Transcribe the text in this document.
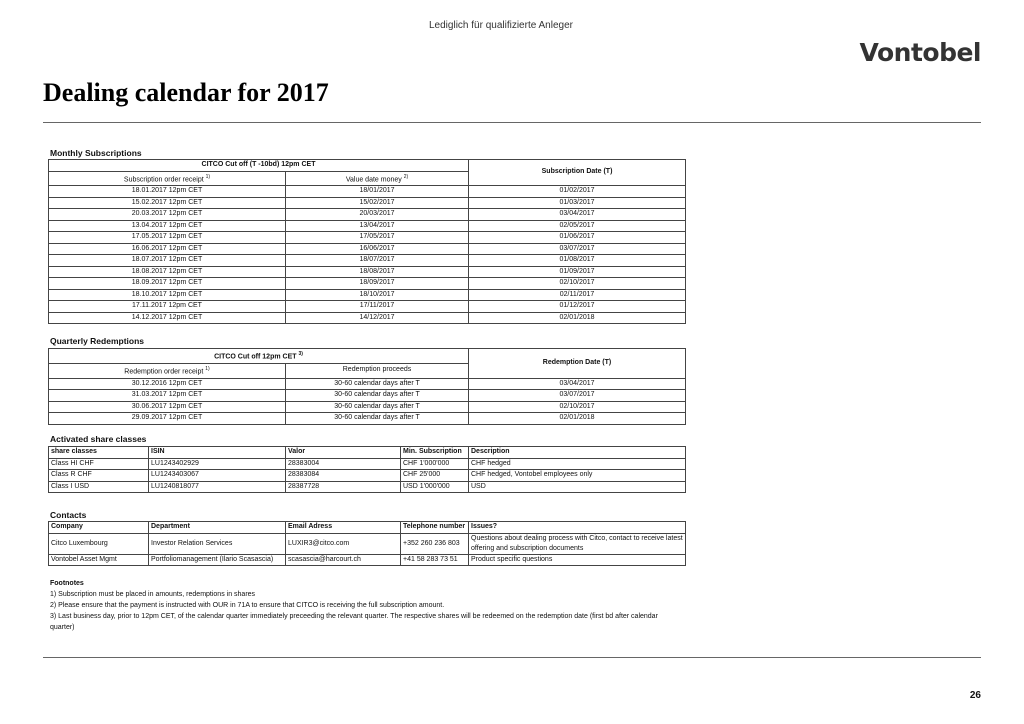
Lediglich für qualifizierte Anleger
Vontobel
Dealing calendar for 2017
Monthly Subscriptions
CITCO Cut off (T -10bd) 12pm CET		Subscription Date (T)
Subscription order receipt $^{1)}$	Value date money $^{2)}$
18.01.2017 12pm CET	18/01/2017	01/02/2017
15.02.2017 12pm CET	15/02/2017	01/03/2017
20.03.2017 12pm CET	20/03/2017	03/04/2017
13.04.2017 12pm CET	13/04/2017	02/05/2017
17.05.2017 12pm CET	17/05/2017	01/06/2017
16.06.2017 12pm CET	16/06/2017	03/07/2017
18.07.2017 12pm CET	18/07/2017	01/08/2017
18.08.2017 12pm CET	18/08/2017	01/09/2017
18.09.2017 12pm CET	18/09/2017	02/10/2017
18.10.2017 12pm CET	18/10/2017	02/11/2017
17.11.2017 12pm CET	17/11/2017	01/12/2017
14.12.2017 12pm CET	14/12/2017	02/01/2018
Quarterly Redemptions
CITCO Cut off 12pm CET $^{3)}$		Redemption Date (T)
Redemption order receipt $^{1)}$	Redemption proceeds	
30.12.2016 12pm CET	30-60 calendar days after T	03/04/2017
31.03.2017 12pm CET	30-60 calendar days after T	03/07/2017
30.06.2017 12pm CET	30-60 calendar days after T	02/10/2017
29.09.2017 12pm CET	30-60 calendar days after T	02/01/2018
Activated share classes
share classes	ISIN	Valor	Min. Subscription	Description
Class HI CHF	LU1243402929	28383004	CHF 1'000'000	CHF hedged
Class R CHF	LU1243403067	28383084	CHF 25'000	CHF hedged, Vontobel employees only
Class I USD	LU1240818077	28387728	USD 1'000'000	USD
Contacts
Company	Department	Email Adress	Telephone number	Issues?
Citco Luxembourg	Investor Relation Services	LUXIR3@citco.com	+352 260 236 803	Questions about dealing process with Citco, contact to receive latest offering and subscription documents
Vontobel Asset Mgmt	Portfoliomanagement (Ilario Scasascia)	scasascia@harcourt.ch	+41 58 283 73 51	Product specific questions
Footnotes
1) Subscription must be placed in amounts, redemptions in shares
2) Please ensure that the payment is instructed with OUR in 71A to ensure that CITCO is receiving the full subscription amount.
3) Last business day, prior to 12pm CET, of the calendar quarter immediately preceeding the relevant quarter. The respective shares will be redeemed on the redemption date (first bd after calendar quarter)
26
